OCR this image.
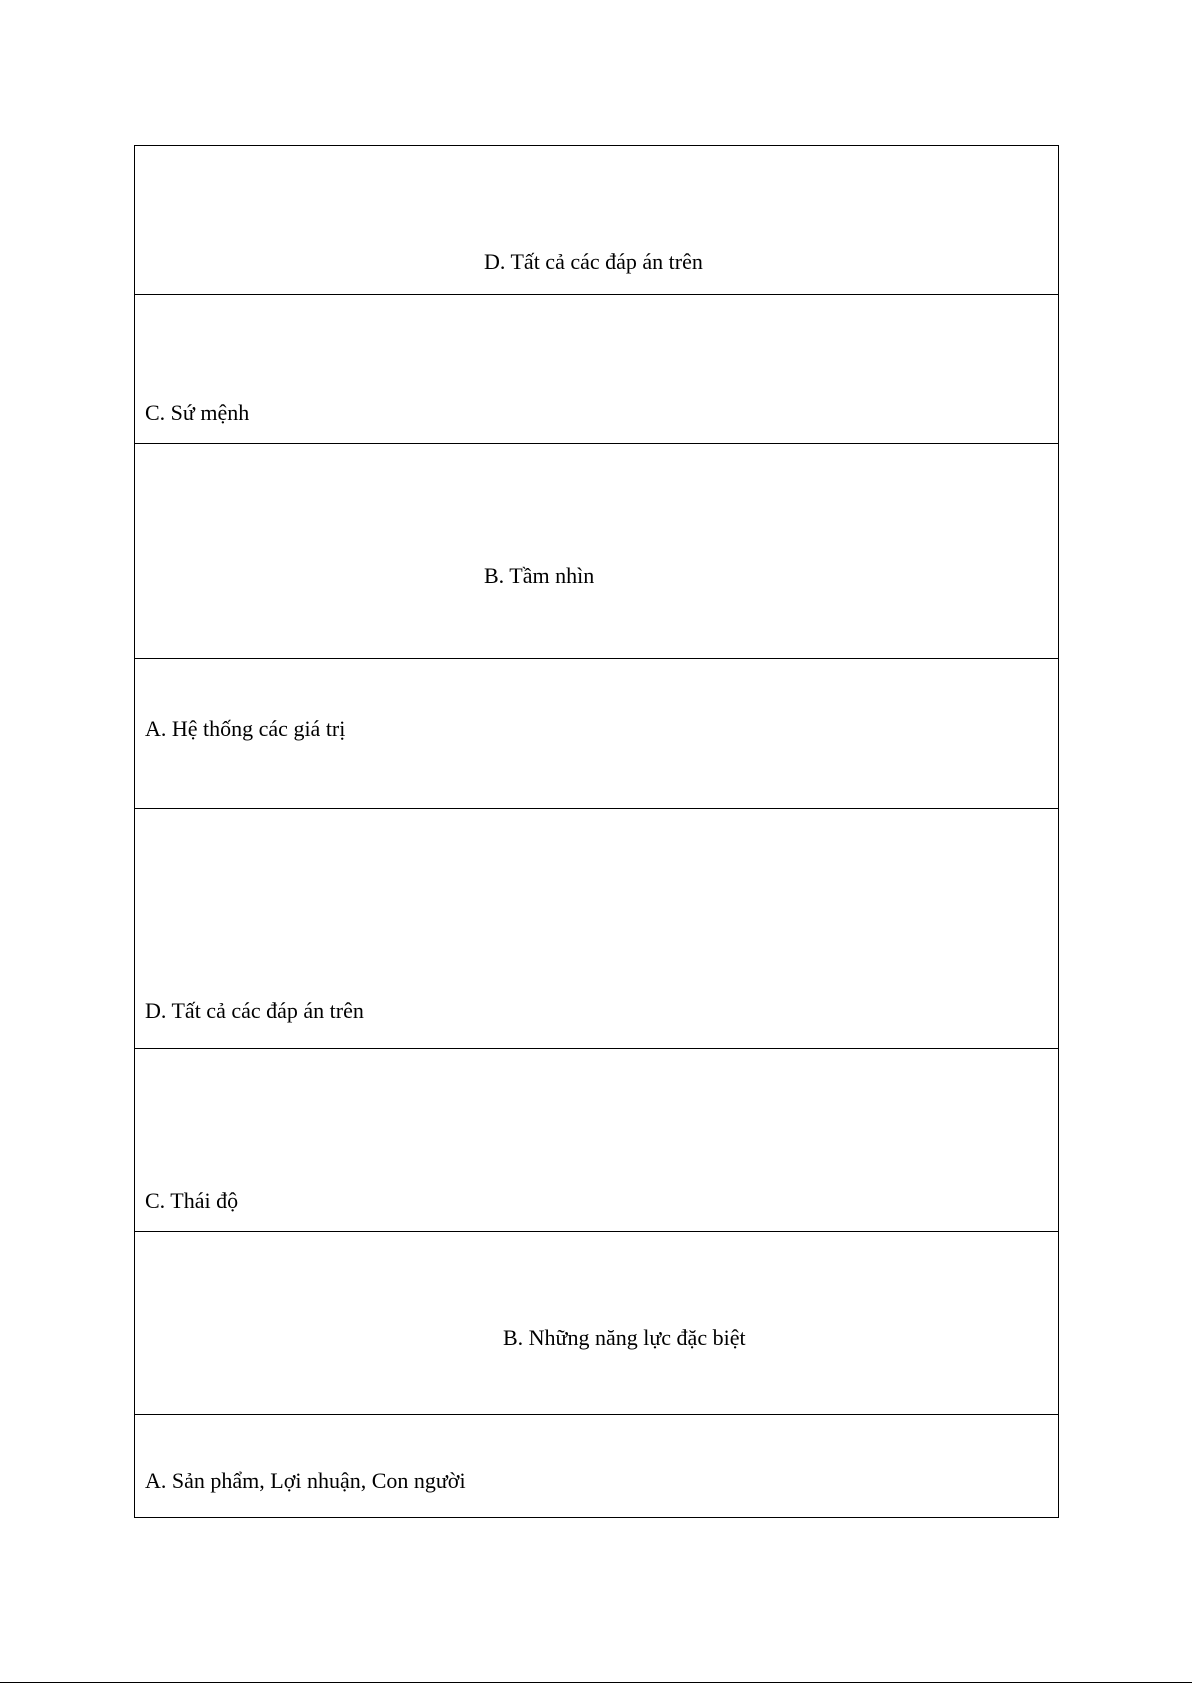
D. Tất cả các đáp án trên

C. Sứ mệnh

B. Tầm nhìn

A. Hệ thống các giá trị

D. Tất cả các đáp án trên

C. Thái độ

B. Những năng lực đặc biệt

A. Sản phẩm, Lợi nhuận, Con người
